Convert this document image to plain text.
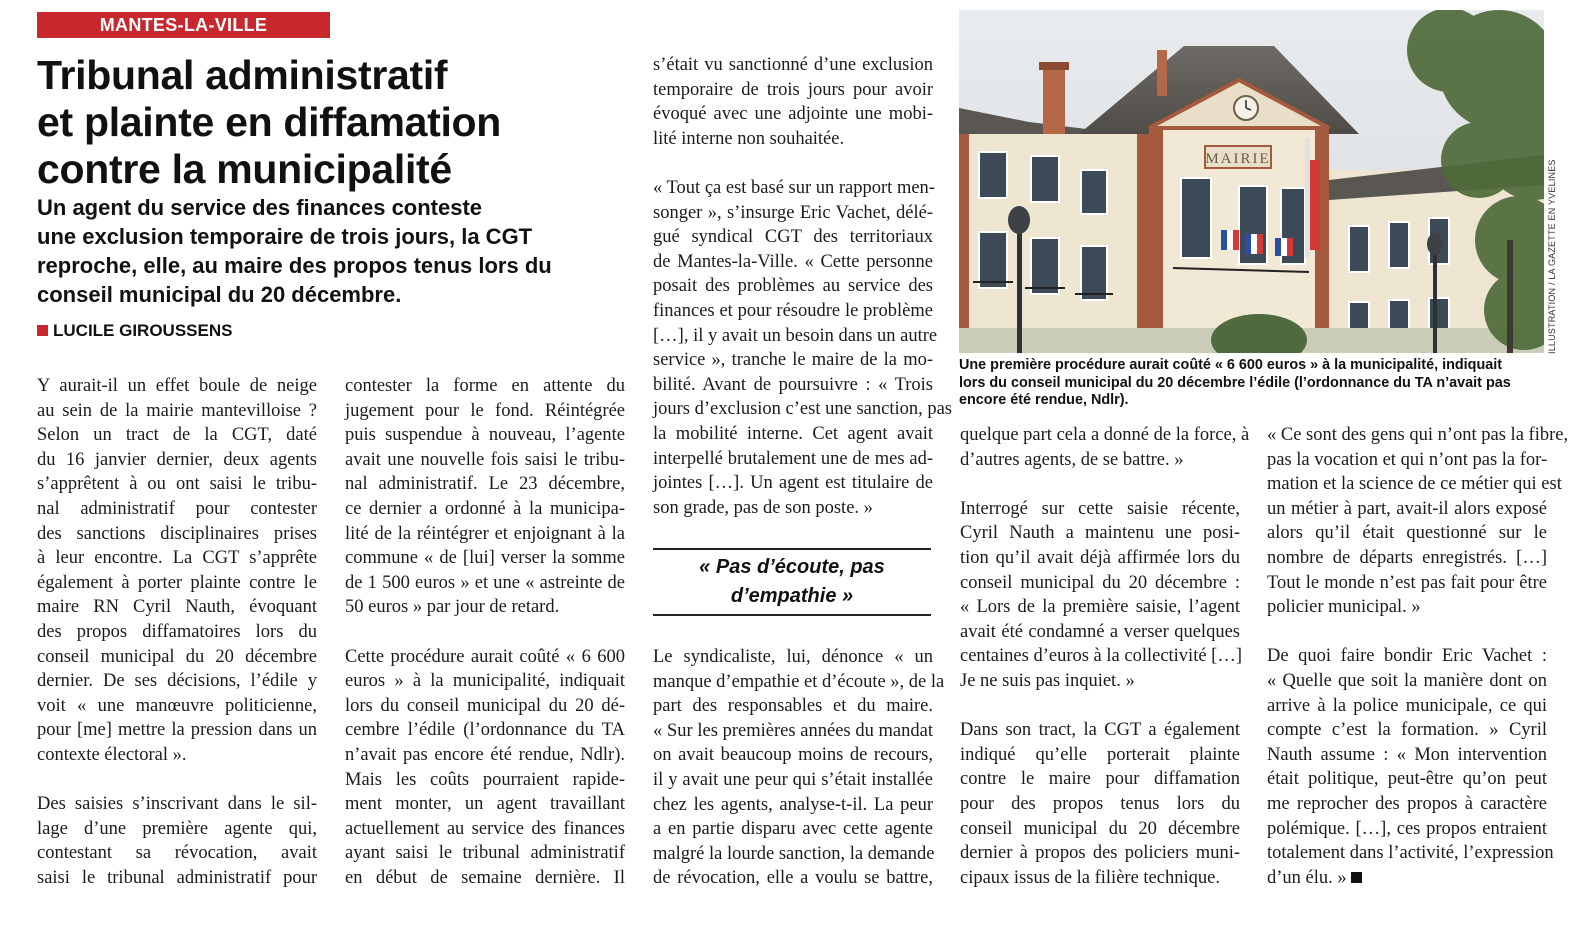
MANTES-LA-VILLE
Tribunal administratif
et plainte en diffamation
contre la municipalité

Un agent du service des finances conteste
une exclusion temporaire de trois jours, la CGT
reproche, elle, au maire des propos tenus lors du
conseil municipal du 20 décembre.

LUCILE GIROUSSENS
Y aurait-il un effet boule de neige
au sein de la mairie mantevilloise ?
Selon un tract de la CGT, daté
du 16 janvier dernier, deux agents
s’apprêtent à ou ont saisi le tribu-
nal administratif pour contester
des sanctions disciplinaires prises
à leur encontre. La CGT s’apprête
également à porter plainte contre le
maire RN Cyril Nauth, évoquant
des propos diffamatoires lors du
conseil municipal du 20 décembre
dernier. De ses décisions, l’édile y
voit « une manœuvre politicienne,
pour [me] mettre la pression dans un
contexte électoral ».
Des saisies s’inscrivant dans le sil-
lage d’une première agente qui,
contestant sa révocation, avait
saisi le tribunal administratif pour
contester la forme en attente du
jugement pour le fond. Réintégrée
puis suspendue à nouveau, l’agente
avait une nouvelle fois saisi le tribu-
nal administratif. Le 23 décembre,
ce dernier a ordonné à la municipa-
lité de la réintégrer et enjoignant à la
commune « de [lui] verser la somme
de 1 500 euros » et une « astreinte de
50 euros » par jour de retard.
Cette procédure aurait coûté « 6 600
euros » à la municipalité, indiquait
lors du conseil municipal du 20 dé-
cembre l’édile (l’ordonnance du TA
n’avait pas encore été rendue, Ndlr).
Mais les coûts pourraient rapide-
ment monter, un agent travaillant
actuellement au service des finances
ayant saisi le tribunal administratif
en début de semaine dernière. Il
s’était vu sanctionné d’une exclusion
temporaire de trois jours pour avoir
évoqué avec une adjointe une mobi-
lité interne non souhaitée.
« Tout ça est basé sur un rapport men-
songer », s’insurge Eric Vachet, délé-
gué syndical CGT des territoriaux
de Mantes-la-Ville. « Cette personne
posait des problèmes au service des
finances et pour résoudre le problème
[…], il y avait un besoin dans un autre
service », tranche le maire de la mo-
bilité. Avant de poursuivre : « Trois
jours d’exclusion c’est une sanction, pas
la mobilité interne. Cet agent avait
interpellé brutalement une de mes ad-
jointes […]. Un agent est titulaire de
son grade, pas de son poste. »
« Pas d’écoute, pas
d’empathie »
Le syndicaliste, lui, dénonce « un
manque d’empathie et d’écoute », de la
part des responsables et du maire.
« Sur les premières années du mandat
on avait beaucoup moins de recours,
il y avait une peur qui s’était installée
chez les agents, analyse-t-il. La peur
a en partie disparu avec cette agente
malgré la lourde sanction, la demande
de révocation, elle a voulu se battre,
MAIRIE
ILLUSTRATION / LA GAZETTE EN YVELINES
Une première procédure aurait coûté « 6 600 euros » à la municipalité, indiquait
lors du conseil municipal du 20 décembre l’édile (l’ordonnance du TA n’avait pas
encore été rendue, Ndlr).
quelque part cela a donné de la force, à
d’autres agents, de se battre. »
Interrogé sur cette saisie récente,
Cyril Nauth a maintenu une posi-
tion qu’il avait déjà affirmée lors du
conseil municipal du 20 décembre :
« Lors de la première saisie, l’agent
avait été condamné a verser quelques
centaines d’euros à la collectivité […]
Je ne suis pas inquiet. »
Dans son tract, la CGT a également
indiqué qu’elle porterait plainte
contre le maire pour diffamation
pour des propos tenus lors du
conseil municipal du 20 décembre
dernier à propos des policiers muni-
cipaux issus de la filière technique.
« Ce sont des gens qui n’ont pas la fibre,
pas la vocation et qui n’ont pas la for-
mation et la science de ce métier qui est
un métier à part, avait-il alors exposé
alors qu’il était questionné sur le
nombre de départs enregistrés. […]
Tout le monde n’est pas fait pour être
policier municipal. »
De quoi faire bondir Eric Vachet :
« Quelle que soit la manière dont on
arrive à la police municipale, ce qui
compte c’est la formation. » Cyril
Nauth assume : « Mon intervention
était politique, peut-être qu’on peut
me reprocher des propos à caractère
polémique. […], ces propos entraient
totalement dans l’activité, l’expression
d’un élu. »
